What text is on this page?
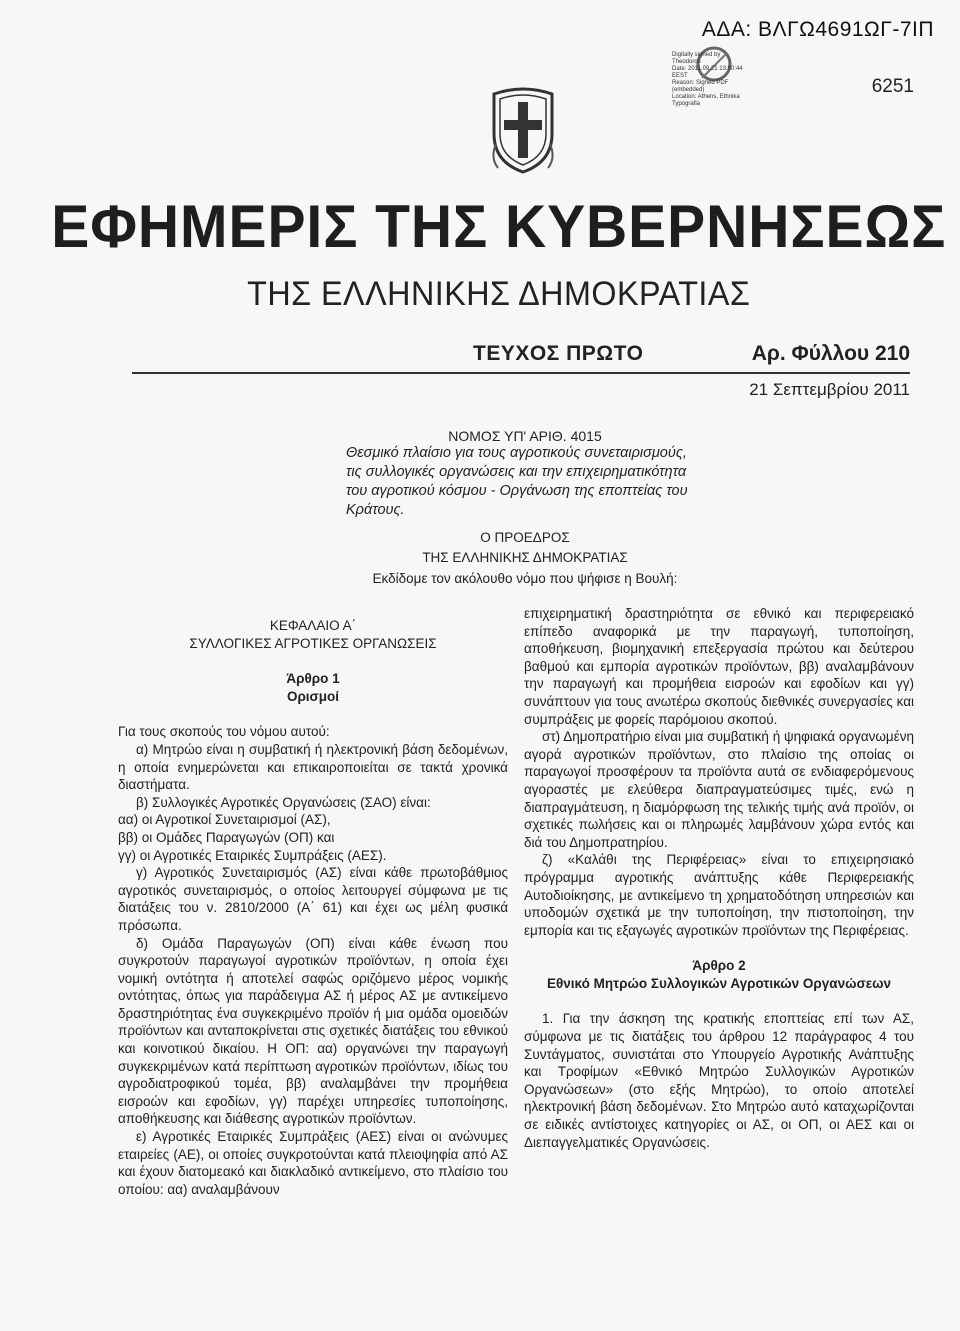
ΑΔΑ: ΒΛΓΩ4691ΩΓ-7ΙΠ
6251
Digitally signed by
Theodoros
Date: 2011.09.21 13:50:44
EEST
Reason: Signed PDF
(embedded)
Location: Athens, Ethnika
Typografia
ΕΦΗΜΕΡΙΣ ΤΗΣ ΚΥΒΕΡΝΗΣΕΩΣ
ΤΗΣ ΕΛΛΗΝΙΚΗΣ ΔΗΜΟΚΡΑΤΙΑΣ
ΤΕΥΧΟΣ ΠΡΩΤΟ	Αρ. Φύλλου 210
21 Σεπτεμβρίου 2011
ΝΟΜΟΣ ΥΠ' ΑΡΙΘ. 4015
Θεσμικό πλαίσιο για τους αγροτικούς συνεταιρισμούς, τις συλλογικές οργανώσεις και την επιχειρηματικότητα του αγροτικού κόσμου - Οργάνωση της εποπτείας του Κράτους.
Ο ΠΡΟΕΔΡΟΣ
ΤΗΣ ΕΛΛΗΝΙΚΗΣ ΔΗΜΟΚΡΑΤΙΑΣ
Εκδίδομε τον ακόλουθο νόμο που ψήφισε η Βουλή:

ΚΕΦΑΛΑΙΟ Α΄

ΣΥΛΛΟΓΙΚΕΣ ΑΓΡΟΤΙΚΕΣ ΟΡΓΑΝΩΣΕΙΣ

Άρθρο 1

Ορισμοί

Για τους σκοπούς του νόμου αυτού:

α) Μητρώο είναι η συμβατική ή ηλεκτρονική βάση δεδομένων, η οποία ενημερώνεται και επικαιροποιείται σε τακτά χρονικά διαστήματα.

β) Συλλογικές Αγροτικές Οργανώσεις (ΣΑΟ) είναι:

αα) οι Αγροτικοί Συνεταιρισμοί (ΑΣ),

ββ) οι Ομάδες Παραγωγών (ΟΠ) και

γγ) οι Αγροτικές Εταιρικές Συμπράξεις (ΑΕΣ).

γ) Αγροτικός Συνεταιρισμός (ΑΣ) είναι κάθε πρωτοβάθμιος αγροτικός συνεταιρισμός, ο οποίος λειτουργεί σύμφωνα με τις διατάξεις του ν. 2810/2000 (Α΄ 61) και έχει ως μέλη φυσικά πρόσωπα.

δ) Ομάδα Παραγωγών (ΟΠ) είναι κάθε ένωση που συγκροτούν παραγωγοί αγροτικών προϊόντων, η οποία έχει νομική οντότητα ή αποτελεί σαφώς οριζόμενο μέρος νομικής οντότητας, όπως για παράδειγμα ΑΣ ή μέρος ΑΣ με αντικείμενο δραστηριότητας ένα συγκεκριμένο προϊόν ή μια ομάδα ομοειδών προϊόντων και ανταποκρίνεται στις σχετικές διατάξεις του εθνικού και κοινοτικού δικαίου. Η ΟΠ: αα) οργανώνει την παραγωγή συγκεκριμένων κατά περίπτωση αγροτικών προϊόντων, ιδίως του αγροδιατροφικού τομέα, ββ) αναλαμβάνει την προμήθεια εισροών και εφοδίων, γγ) παρέχει υπηρεσίες τυποποίησης, αποθήκευσης και διάθεσης αγροτικών προϊόντων.

ε) Αγροτικές Εταιρικές Συμπράξεις (ΑΕΣ) είναι οι ανώνυμες εταιρείες (ΑΕ), οι οποίες συγκροτούνται κατά πλειοψηφία από ΑΣ και έχουν διατομεακό και διακλαδικό αντικείμενο, στο πλαίσιο του οποίου: αα) αναλαμβάνουν

επιχειρηματική δραστηριότητα σε εθνικό και περιφερειακό επίπεδο αναφορικά με την παραγωγή, τυποποίηση, αποθήκευση, βιομηχανική επεξεργασία πρώτου και δεύτερου βαθμού και εμπορία αγροτικών προϊόντων, ββ) αναλαμβάνουν την παραγωγή και προμήθεια εισροών και εφοδίων και γγ) συνάπτουν για τους ανωτέρω σκοπούς διεθνικές συνεργασίες και συμπράξεις με φορείς παρόμοιου σκοπού.

στ) Δημοπρατήριο είναι μια συμβατική ή ψηφιακά οργανωμένη αγορά αγροτικών προϊόντων, στο πλαίσιο της οποίας οι παραγωγοί προσφέρουν τα προϊόντα αυτά σε ενδιαφερόμενους αγοραστές με ελεύθερα διαπραγματεύσιμες τιμές, ενώ η διαπραγμάτευση, η διαμόρφωση της τελικής τιμής ανά προϊόν, οι σχετικές πωλήσεις και οι πληρωμές λαμβάνουν χώρα εντός και διά του Δημοπρατηρίου.

ζ) «Καλάθι της Περιφέρειας» είναι το επιχειρησιακό πρόγραμμα αγροτικής ανάπτυξης κάθε Περιφερειακής Αυτοδιοίκησης, με αντικείμενο τη χρηματοδότηση υπηρεσιών και υποδομών σχετικά με την τυποποίηση, την πιστοποίηση, την εμπορία και τις εξαγωγές αγροτικών προϊόντων της Περιφέρειας.

Άρθρο 2

Εθνικό Μητρώο Συλλογικών Αγροτικών Οργανώσεων

1. Για την άσκηση της κρατικής εποπτείας επί των ΑΣ, σύμφωνα με τις διατάξεις του άρθρου 12 παράγραφος 4 του Συντάγματος, συνιστάται στο Υπουργείο Αγροτικής Ανάπτυξης και Τροφίμων «Εθνικό Μητρώο Συλλογικών Αγροτικών Οργανώσεων» (στο εξής Μητρώο), το οποίο αποτελεί ηλεκτρονική βάση δεδομένων. Στο Μητρώο αυτό καταχωρίζονται σε ειδικές αντίστοιχες κατηγορίες οι ΑΣ, οι ΟΠ, οι ΑΕΣ και οι Διεπαγγελματικές Οργανώσεις.
